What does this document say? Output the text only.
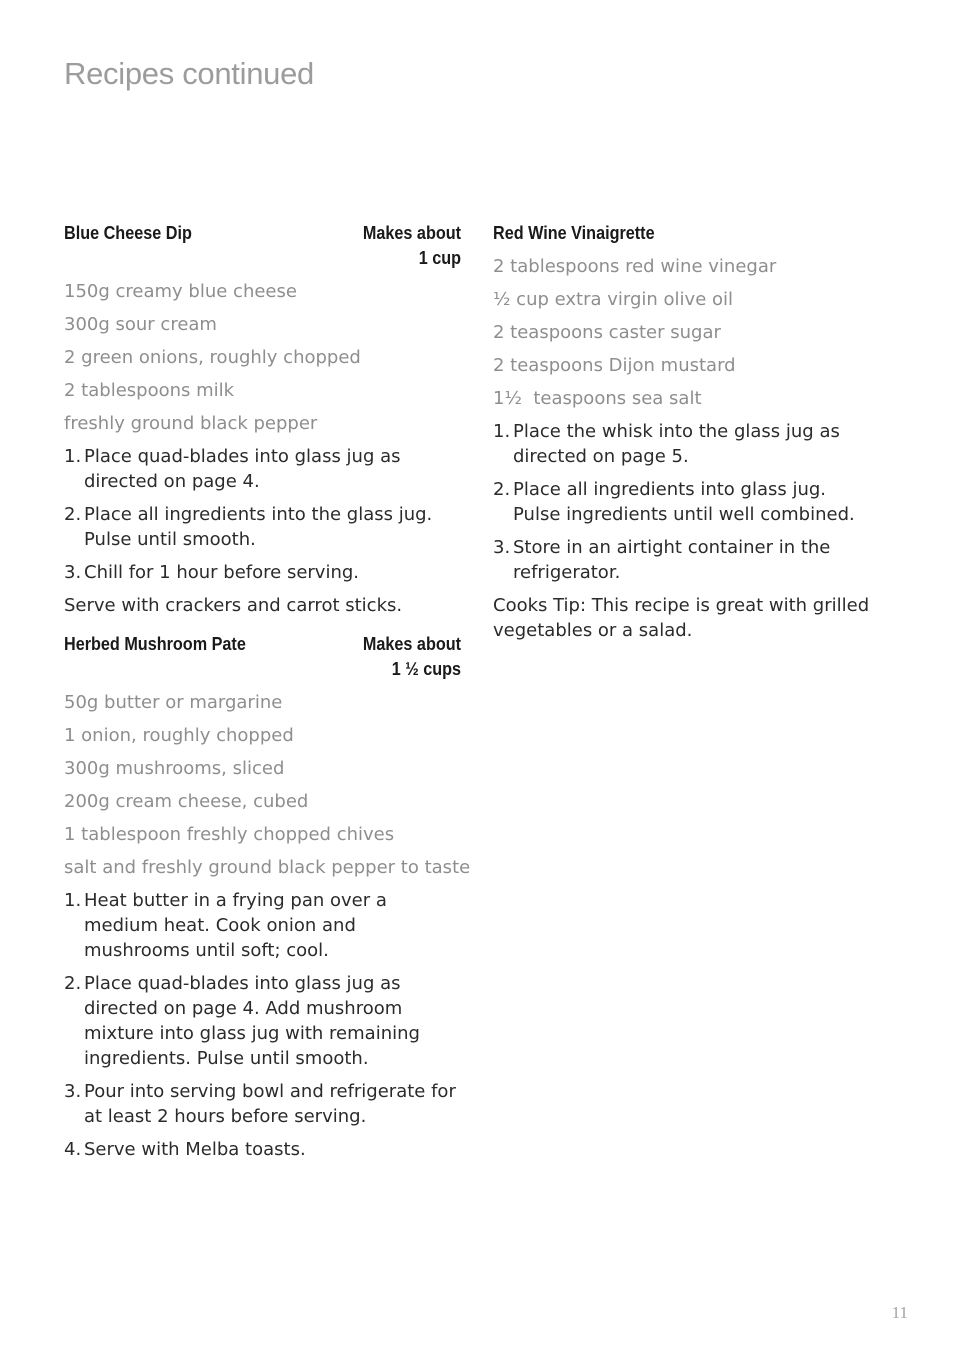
Recipes continued
Blue Cheese Dip	Makes about
1 cup
150g creamy blue cheese
300g sour cream
2 green onions, roughly chopped
2 tablespoons milk
freshly ground black pepper
1. Place quad-blades into glass jug as directed on page 4.
2. Place all ingredients into the glass jug. Pulse until smooth.
3. Chill for 1 hour before serving.

Serve with crackers and carrot sticks.

Herbed Mushroom Pate	Makes about
1 ½ cups
50g butter or margarine
1 onion, roughly chopped
300g mushrooms, sliced
200g cream cheese, cubed
1 tablespoon freshly chopped chives
salt and freshly ground black pepper to taste
1. Heat butter in a frying pan over a medium heat. Cook onion and mushrooms until soft; cool.
2. Place quad-blades into glass jug as directed on page 4. Add mushroom mixture into glass jug with remaining ingredients. Pulse until smooth.
3. Pour into serving bowl and refrigerate for at least 2 hours before serving.
4. Serve with Melba toasts.
Red Wine Vinaigrette
2 tablespoons red wine vinegar
½ cup extra virgin olive oil
2 teaspoons caster sugar
2 teaspoons Dijon mustard
1½  teaspoons sea salt
1. Place the whisk into the glass jug as directed on page 5.
2. Place all ingredients into glass jug. Pulse ingredients until well combined.
3. Store in an airtight container in the refrigerator.

Cooks Tip: This recipe is great with grilled vegetables or a salad.

11
